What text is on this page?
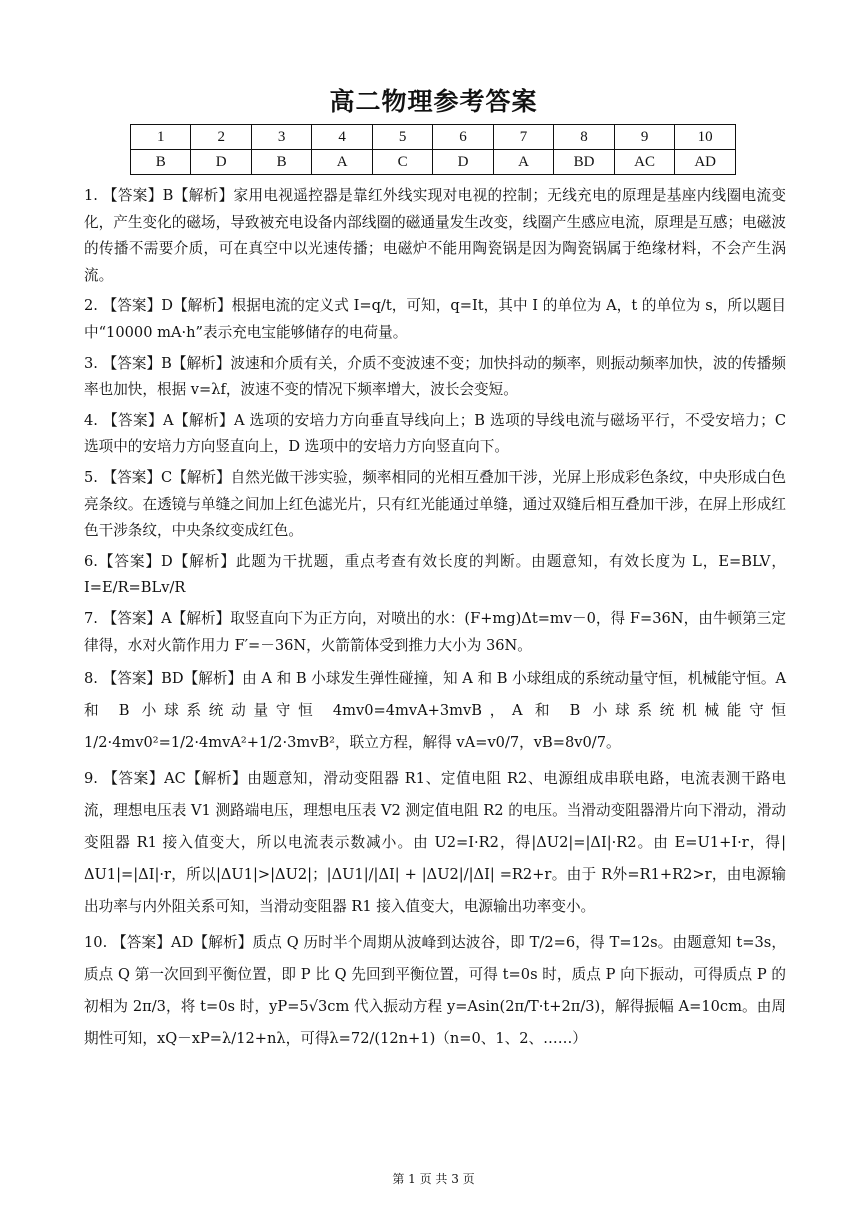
高二物理参考答案
1	2	3	4	5	6	7	8	9	10
B	D	B	A	C	D	A	BD	AC	AD

1. 【答案】B【解析】家用电视遥控器是靠红外线实现对电视的控制；无线充电的原理是基座内线圈电流变化，产生变化的磁场，导致被充电设备内部线圈的磁通量发生改变，线圈产生感应电流，原理是互感；电磁波的传播不需要介质，可在真空中以光速传播；电磁炉不能用陶瓷锅是因为陶瓷锅属于绝缘材料，不会产生涡流。

2. 【答案】D【解析】根据电流的定义式 I=q/t，可知，q=It，其中 I 的单位为 A，t 的单位为 s，所以题目中“10000 mA·h”表示充电宝能够储存的电荷量。

3. 【答案】B【解析】波速和介质有关，介质不变波速不变；加快抖动的频率，则振动频率加快，波的传播频率也加快，根据 v=λf，波速不变的情况下频率增大，波长会变短。

4. 【答案】A【解析】A 选项的安培力方向垂直导线向上；B 选项的导线电流与磁场平行，不受安培力；C 选项中的安培力方向竖直向上，D 选项中的安培力方向竖直向下。

5. 【答案】C【解析】自然光做干涉实验，频率相同的光相互叠加干涉，光屏上形成彩色条纹，中央形成白色亮条纹。在透镜与单缝之间加上红色滤光片，只有红光能通过单缝，通过双缝后相互叠加干涉，在屏上形成红色干涉条纹，中央条纹变成红色。

6.【答案】D【解析】此题为干扰题，重点考查有效长度的判断。由题意知，有效长度为 L，E=BLV，I=E/R=BLv/R

7. 【答案】A【解析】取竖直向下为正方向，对喷出的水：(F+mg)Δt=mv－0，得 F=36N，由牛顿第三定律得，水对火箭作用力 F′=－36N，火箭箭体受到推力大小为 36N。

8. 【答案】BD【解析】由 A 和 B 小球发生弹性碰撞，知 A 和 B 小球组成的系统动量守恒，机械能守恒。A 和 B 小球系统动量守恒 4mv0=4mvA+3mvB，A 和 B 小球系统机械能守恒 1/2·4mv0²=1/2·4mvA²+1/2·3mvB²，联立方程，解得 vA=v0/7，vB=8v0/7。

9. 【答案】AC【解析】由题意知，滑动变阻器 R1、定值电阻 R2、电源组成串联电路，电流表测干路电流，理想电压表 V1 测路端电压，理想电压表 V2 测定值电阻 R2 的电压。当滑动变阻器滑片向下滑动，滑动变阻器 R1 接入值变大，所以电流表示数减小。由 U2=I·R2，得|ΔU2|=|ΔI|·R2。由 E=U1+I·r，得|ΔU1|=|ΔI|·r，所以|ΔU1|>|ΔU2|；|ΔU1|/|ΔI| + |ΔU2|/|ΔI| =R2+r。由于 R外=R1+R2>r，由电源输出功率与内外阻关系可知，当滑动变阻器 R1 接入值变大，电源输出功率变小。

10. 【答案】AD【解析】质点 Q 历时半个周期从波峰到达波谷，即 T/2=6，得 T=12s。由题意知 t=3s，质点 Q 第一次回到平衡位置，即 P 比 Q 先回到平衡位置，可得 t=0s 时，质点 P 向下振动，可得质点 P 的初相为 2π/3，将 t=0s 时，yP=5√3cm 代入振动方程 y=Asin(2π/T·t+2π/3)，解得振幅 A=10cm。由周期性可知，xQ－xP=λ/12+nλ，可得λ=72/(12n+1)（n=0、1、2、……）

第 1 页 共 3 页
